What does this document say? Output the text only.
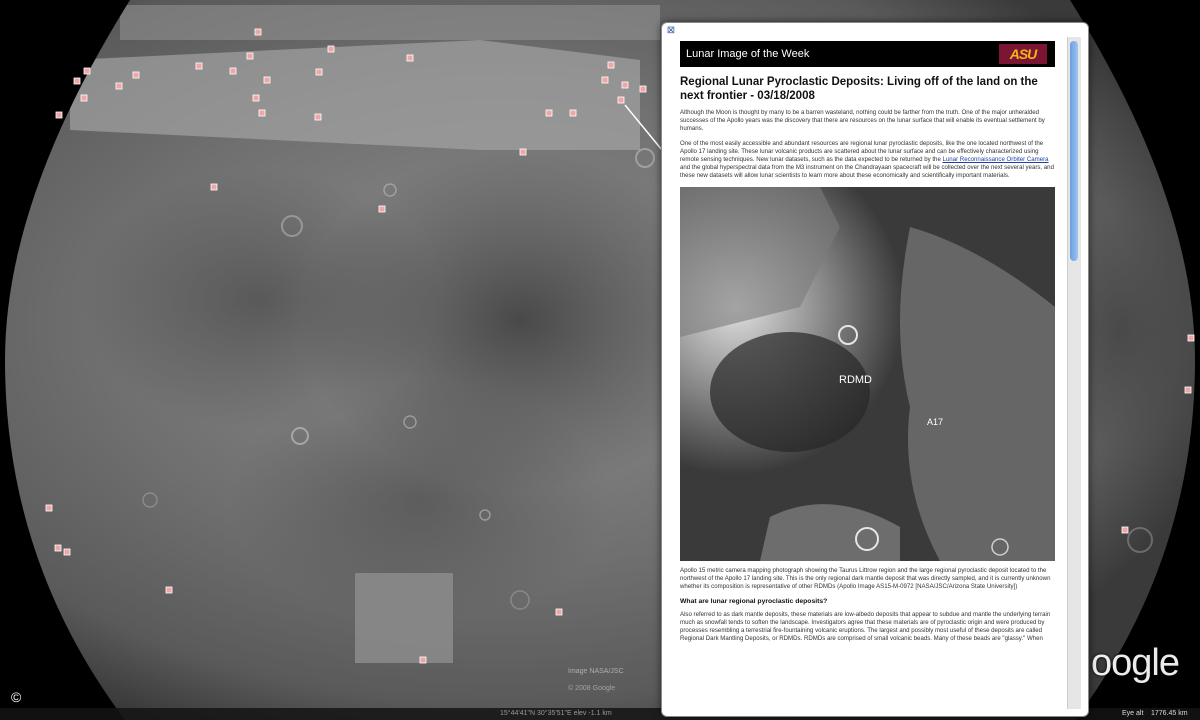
Image NASA/JSC
© 2008 Google
©
oogle
15°44'41"N 30°35'51"E elev -1.1 km	Eye alt 1776.45 km
⊠
Lunar Image of the Week	ASU
Regional Lunar Pyroclastic Deposits: Living off of the land on the next frontier - 03/18/2008

Although the Moon is thought by many to be a barren wasteland, nothing could be farther from the truth. One of the major unheralded successes of the Apollo years was the discovery that there are resources on the lunar surface that will enable its eventual settlement by humans.

One of the most easily accessible and abundant resources are regional lunar pyroclastic deposits, like the one located northwest of the Apollo 17 landing site. These lunar volcanic products are scattered about the lunar surface and can be effectively characterized using remote sensing techniques. New lunar datasets, such as the data expected to be returned by the Lunar Reconnaissance Orbiter Camera and the global hyperspectral data from the M3 instrument on the Chandrayaan spacecraft will be collected over the next several years, and these new datasets will allow lunar scientists to learn more about these economically and scientifically important materials.

RDMD
A17

Apollo 15 metric camera mapping photograph showing the Taurus Littrow region and the large regional pyroclastic deposit located to the northwest of the Apollo 17 landing site. This is the only regional dark mantle deposit that was directly sampled, and it is currently unknown whether its composition is representative of other RDMDs (Apollo Image AS15-M-0972 [NASA/JSC/Arizona State University])

What are lunar regional pyroclastic deposits?

Also referred to as dark mantle deposits, these materials are low-albedo deposits that appear to subdue and mantle the underlying terrain much as snowfall tends to soften the landscape. Investigators agree that these materials are of pyroclastic origin and were produced by processes resembling a terrestrial fire-fountaining volcanic eruptions. The largest and possibly most useful of these deposits are called Regional Dark Mantling Deposits, or RDMDs. RDMDs are comprised of small volcanic beads. Many of these beads are "glassy." When
